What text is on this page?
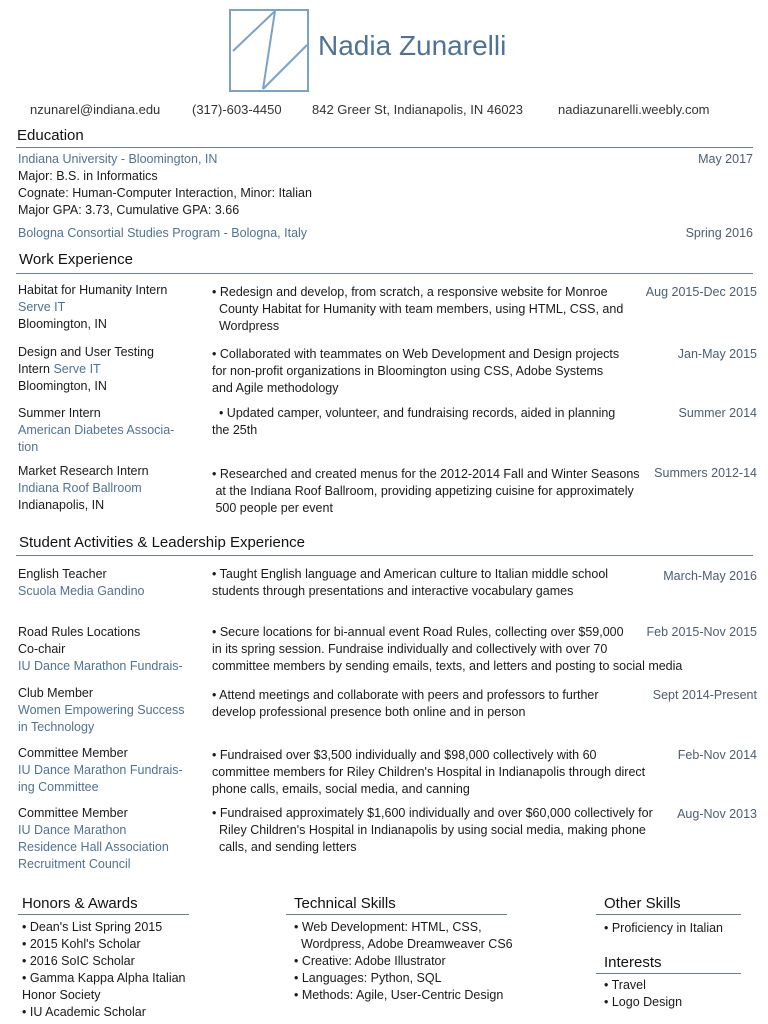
Nadia Zunarelli
nzunarel@indiana.edu (317)-603-4450 842 Greer St, Indianapolis, IN 46023	nadiazunarelli.weebly.com
Education
Indiana University - Bloomington, IN	May 2017
Major: B.S. in Informatics
Cognate: Human-Computer Interaction, Minor: Italian
Major GPA: 3.73, Cumulative GPA: 3.66
Bologna Consortial Studies Program - Bologna, Italy	Spring 2016
Work Experience
Habitat for Humanity Intern
Serve IT
Bloomington, IN
• Redesign and develop, from scratch, a responsive website for Monroe
County Habitat for Humanity with team members, using HTML, CSS, and
Wordpress
Aug 2015-Dec 2015
Design and User Testing
Intern Serve IT
Bloomington, IN
• Collaborated with teammates on Web Development and Design projects
for non-profit organizations in Bloomington using CSS, Adobe Systems
and Agile methodology
Jan-May 2015
Summer Intern
American Diabetes Associa-
tion
• Updated camper, volunteer, and fundraising records, aided in planning
the 25th
Summer 2014
Market Research Intern
Indiana Roof Ballroom
Indianapolis, IN
• Researched and created menus for the 2012-2014 Fall and Winter Seasons
at the Indiana Roof Ballroom, providing appetizing cuisine for approximately
500 people per event
Summers 2012-14
Student Activities & Leadership Experience
English Teacher
Scuola Media Gandino
• Taught English language and American culture to Italian middle school
students through presentations and interactive vocabulary games
March-May 2016
Road Rules Locations
Co-chair
IU Dance Marathon Fundrais-
• Secure locations for bi-annual event Road Rules, collecting over $59,000
in its spring session. Fundraise individually and collectively with over 70
committee members by sending emails, texts, and letters and posting to social media
Feb 2015-Nov 2015
Club Member
Women Empowering Success
in Technology
• Attend meetings and collaborate with peers and professors to further
develop professional presence both online and in person
Sept 2014-Present
Committee Member
IU Dance Marathon Fundrais-
ing Committee
• Fundraised over $3,500 individually and $98,000 collectively with 60
committee members for Riley Children's Hospital in Indianapolis through direct
phone calls, emails, social media, and canning
Feb-Nov 2014
Committee Member
IU Dance Marathon
Residence Hall Association
Recruitment Council
• Fundraised approximately $1,600 individually and over $60,000 collectively for
Riley Children's Hospital in Indianapolis by using social media, making phone
calls, and sending letters
Aug-Nov 2013
Honors & Awards
• Dean's List Spring 2015
• 2015 Kohl's Scholar
• 2016 SoIC Scholar
• Gamma Kappa Alpha Italian
Honor Society
• IU Academic Scholar
Technical Skills
• Web Development: HTML, CSS,
Wordpress, Adobe Dreamweaver CS6
• Creative: Adobe Illustrator
• Languages: Python, SQL
• Methods: Agile, User-Centric Design
Other Skills
• Proficiency in Italian
Interests
• Travel
• Logo Design
